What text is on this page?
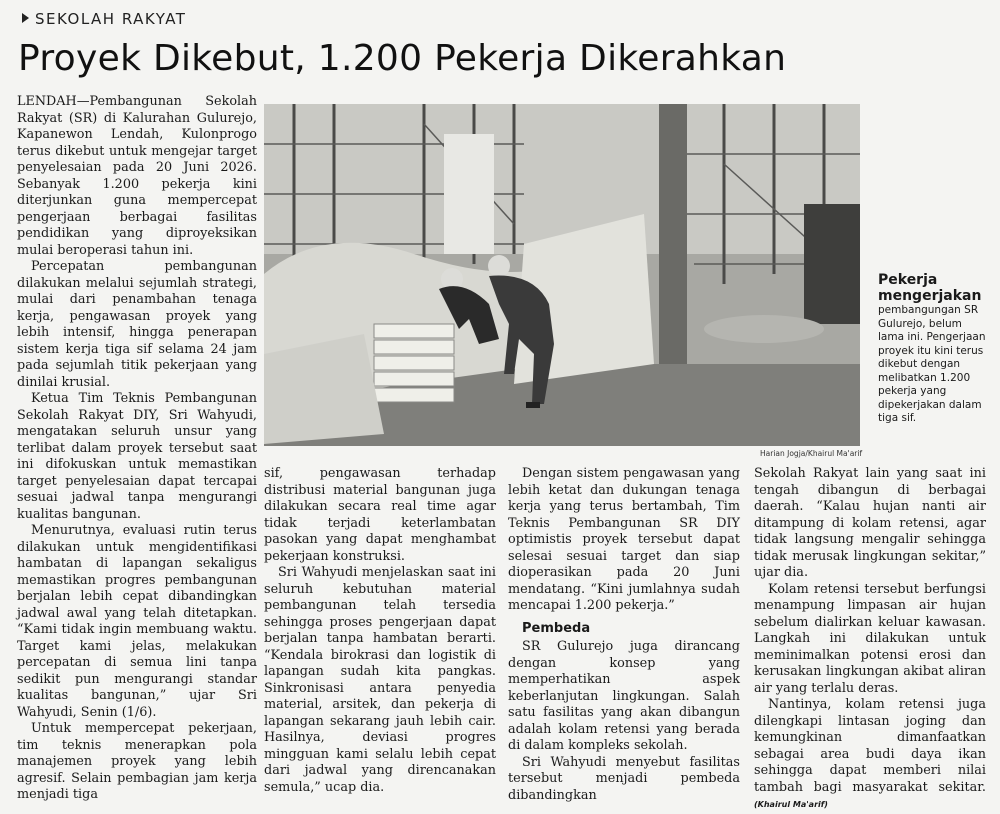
SEKOLAH RAKYAT
Proyek Dikebut, 1.200 Pekerja Dikerahkan

LENDAH—Pembangunan Sekolah Rakyat (SR) di Kalurahan Gulurejo, Kapanewon Lendah, Kulonprogo terus dikebut untuk mengejar target penyelesaian pada 20 Juni 2026. Sebanyak 1.200 pekerja kini diterjunkan guna mempercepat pengerjaan berbagai fasilitas pendidikan yang diproyeksikan mulai beroperasi tahun ini.

Percepatan pembangunan dilakukan melalui sejumlah strategi, mulai dari penambahan tenaga kerja, pengawasan proyek yang lebih intensif, hingga penerapan sistem kerja tiga sif selama 24 jam pada sejumlah titik pekerjaan yang dinilai krusial.

Ketua Tim Teknis Pembangunan Sekolah Rakyat DIY, Sri Wahyudi, mengatakan seluruh unsur yang terlibat dalam proyek tersebut saat ini difokuskan untuk memastikan target penyelesaian dapat tercapai sesuai jadwal tanpa mengurangi kualitas bangunan.

Menurutnya, evaluasi rutin terus dilakukan untuk mengidentifikasi hambatan di lapangan sekaligus memastikan progres pembangunan berjalan lebih cepat dibandingkan jadwal awal yang telah ditetapkan. “Kami tidak ingin membuang waktu. Target kami jelas, melakukan percepatan di semua lini tanpa sedikit pun mengurangi standar kualitas bangunan,” ujar Sri Wahyudi, Senin (1/6).

Untuk mempercepat pekerjaan, tim teknis menerapkan pola manajemen proyek yang lebih agresif. Selain pembagian jam kerja menjadi tiga

Harian Jogja/Khairul Ma'arif
Pekerja mengerjakan
pembangungan SR Gulurejo, belum lama ini. Pengerjaan proyek itu kini terus dikebut dengan melibatkan 1.200 pekerja yang dipekerjakan dalam tiga sif.

sif, pengawasan terhadap distribusi material bangunan juga dilakukan secara real time agar tidak terjadi keterlambatan pasokan yang dapat menghambat pekerjaan konstruksi.

Sri Wahyudi menjelaskan saat ini seluruh kebutuhan material pembangunan telah tersedia sehingga proses pengerjaan dapat berjalan tanpa hambatan berarti. “Kendala birokrasi dan logistik di lapangan sudah kita pangkas. Sinkronisasi antara penyedia material, arsitek, dan pekerja di lapangan sekarang jauh lebih cair. Hasilnya, deviasi progres mingguan kami selalu lebih cepat dari jadwal yang direncanakan semula,” ucap dia.

Dengan sistem pengawasan yang lebih ketat dan dukungan tenaga kerja yang terus bertambah, Tim Teknis Pembangunan SR DIY optimistis proyek tersebut dapat selesai sesuai target dan siap dioperasikan pada 20 Juni mendatang. “Kini jumlahnya sudah mencapai 1.200 pekerja.”

Pembeda

SR Gulurejo juga dirancang dengan konsep yang memperhatikan aspek keberlanjutan lingkungan. Salah satu fasilitas yang akan dibangun adalah kolam retensi yang berada di dalam kompleks sekolah.

Sri Wahyudi menyebut fasilitas tersebut menjadi pembeda dibandingkan

Sekolah Rakyat lain yang saat ini tengah dibangun di berbagai daerah. “Kalau hujan nanti air ditampung di kolam retensi, agar tidak langsung mengalir sehingga tidak merusak lingkungan sekitar,” ujar dia.

Kolam retensi tersebut berfungsi menampung limpasan air hujan sebelum dialirkan keluar kawasan. Langkah ini dilakukan untuk meminimalkan potensi erosi dan kerusakan lingkungan akibat aliran air yang terlalu deras.

Nantinya, kolam retensi juga dilengkapi lintasan joging dan kemungkinan dimanfaatkan sebagai area budi daya ikan sehingga dapat memberi nilai tambah bagi masyarakat sekitar. (Khairul Ma'arif)
